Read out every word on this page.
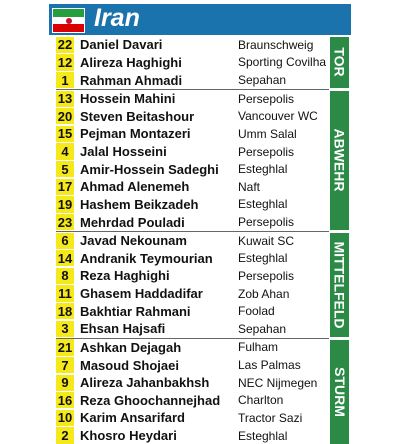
Iran
22 Daniel Davari	Braunschweig
12 Alireza Haghighi	Sporting Covilha
1 Rahman Ahmadi	Sepahan
13 Hossein Mahini	Persepolis
20 Steven Beitashour	Vancouver WC
15 Pejman Montazeri	Umm Salal
4 Jalal Hosseini	Persepolis
5 Amir-Hossein Sadeghi	Esteghlal
17 Ahmad Alenemeh	Naft
19 Hashem Beikzadeh	Esteghlal
23 Mehrdad Pouladi	Persepolis
6 Javad Nekounam	Kuwait SC
14 Andranik Teymourian	Esteghlal
8 Reza Haghighi	Persepolis
11 Ghasem Haddadifar	Zob Ahan
18 Bakhtiar Rahmani	Foolad
3 Ehsan Hajsafi	Sepahan
21 Ashkan Dejagah	Fulham
7 Masoud Shojaei	Las Palmas
9 Alireza Jahanbakhsh	NEC Nijmegen
16 Reza Ghoochannejhad	Charlton
10 Karim Ansarifard	Tractor Sazi
2 Khosro Heydari	Esteghlal
TOR
ABWEHR
MITTELFELD
STURM
